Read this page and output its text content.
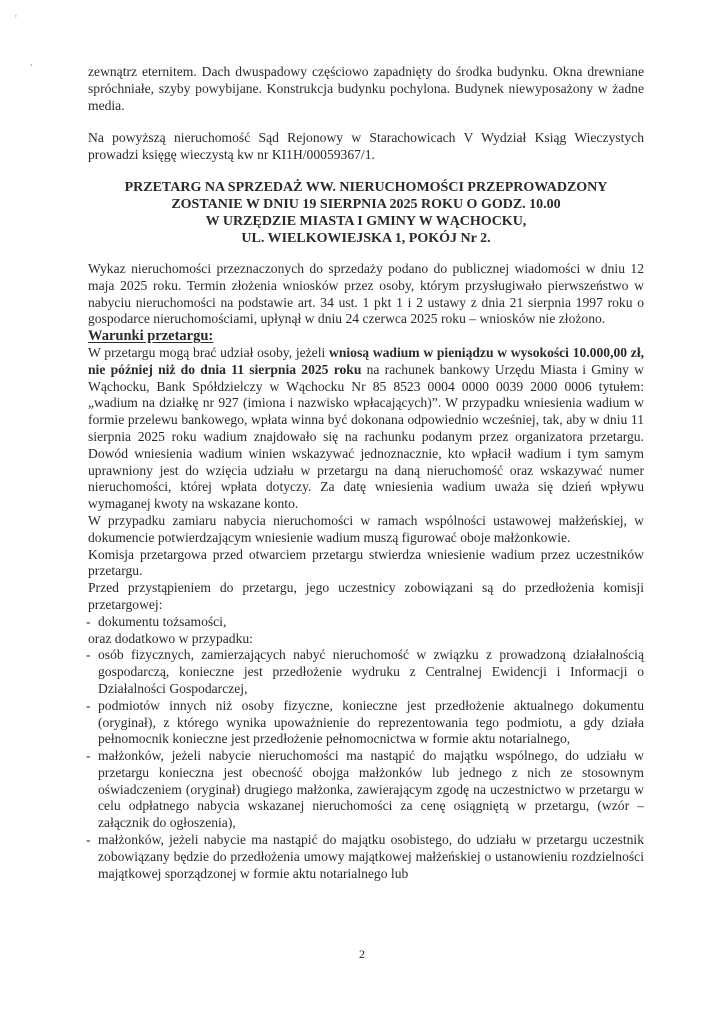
'
,

zewnątrz eternitem. Dach dwuspadowy częściowo zapadnięty do środka budynku. Okna drewniane spróchniałe, szyby powybijane. Konstrukcja budynku pochylona. Budynek niewyposażony w żadne media.

Na powyższą nieruchomość Sąd Rejonowy w Starachowicach V Wydział Ksiąg Wieczystych prowadzi księgę wieczystą kw nr KI1H/00059367/1.

PRZETARG NA SPRZEDAŻ WW. NIERUCHOMOŚCI PRZEPROWADZONY
ZOSTANIE W DNIU 19 SIERPNIA 2025 ROKU O GODZ. 10.00
W URZĘDZIE MIASTA I GMINY W WĄCHOCKU,
UL. WIELKOWIEJSKA 1, POKÓJ Nr 2.

Wykaz nieruchomości przeznaczonych do sprzedaży podano do publicznej wiadomości w dniu 12 maja 2025 roku. Termin złożenia wniosków przez osoby, którym przysługiwało pierwszeństwo w nabyciu nieruchomości na podstawie art. 34 ust. 1 pkt 1 i 2 ustawy z dnia 21 sierpnia 1997 roku o gospodarce nieruchomościami, upłynął w dniu 24 czerwca 2025 roku – wniosków nie złożono.

Warunki przetargu:

W przetargu mogą brać udział osoby, jeżeli wniosą wadium w pieniądzu w wysokości 10.000,00 zł, nie później niż do dnia 11 sierpnia 2025 roku na rachunek bankowy Urzędu Miasta i Gminy w Wąchocku, Bank Spółdzielczy w Wąchocku Nr 85 8523 0004 0000 0039 2000 0006 tytułem: „wadium na działkę nr 927 (imiona i nazwisko wpłacających)”. W przypadku wniesienia wadium w formie przelewu bankowego, wpłata winna być dokonana odpowiednio wcześniej, tak, aby w dniu 11 sierpnia 2025 roku wadium znajdowało się na rachunku podanym przez organizatora przetargu. Dowód wniesienia wadium winien wskazywać jednoznacznie, kto wpłacił wadium i tym samym uprawniony jest do wzięcia udziału w przetargu na daną nieruchomość oraz wskazywać numer nieruchomości, której wpłata dotyczy. Za datę wniesienia wadium uważa się dzień wpływu wymaganej kwoty na wskazane konto.

W przypadku zamiaru nabycia nieruchomości w ramach wspólności ustawowej małżeńskiej, w dokumencie potwierdzającym wniesienie wadium muszą figurować oboje małżonkowie.

Komisja przetargowa przed otwarciem przetargu stwierdza wniesienie wadium przez uczestników przetargu.

Przed przystąpieniem do przetargu, jego uczestnicy zobowiązani są do przedłożenia komisji przetargowej:

- dokumentu tożsamości,

oraz dodatkowo w przypadku:

- osób fizycznych, zamierzających nabyć nieruchomość w związku z prowadzoną działalnością gospodarczą, konieczne jest przedłożenie wydruku z Centralnej Ewidencji i Informacji o Działalności Gospodarczej,
- podmiotów innych niż osoby fizyczne, konieczne jest przedłożenie aktualnego dokumentu (oryginał), z którego wynika upoważnienie do reprezentowania tego podmiotu, a gdy działa pełnomocnik konieczne jest przedłożenie pełnomocnictwa w formie aktu notarialnego,
- małżonków, jeżeli nabycie nieruchomości ma nastąpić do majątku wspólnego, do udziału w przetargu konieczna jest obecność obojga małżonków lub jednego z nich ze stosownym oświadczeniem (oryginał) drugiego małżonka, zawierającym zgodę na uczestnictwo w przetargu w celu odpłatnego nabycia wskazanej nieruchomości za cenę osiągniętą w przetargu, (wzór – załącznik do ogłoszenia),
- małżonków, jeżeli nabycie ma nastąpić do majątku osobistego, do udziału w przetargu uczestnik zobowiązany będzie do przedłożenia umowy majątkowej małżeńskiej o ustanowieniu rozdzielności majątkowej sporządzonej w formie aktu notarialnego lub
2
